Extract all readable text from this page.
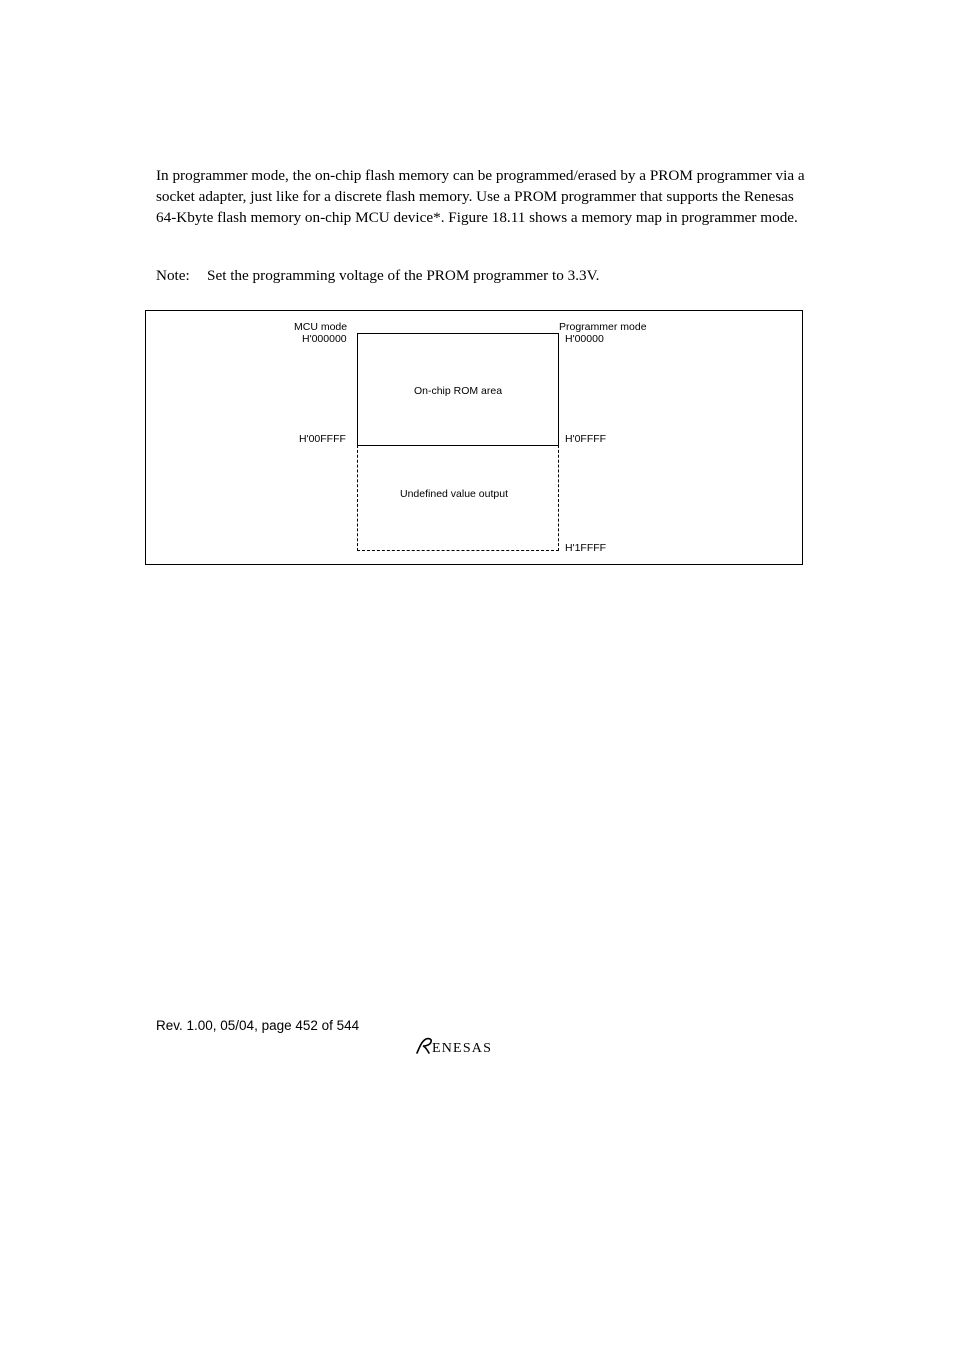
In programmer mode, the on-chip flash memory can be programmed/erased by a PROM programmer via a socket adapter, just like for a discrete flash memory. Use a PROM programmer that supports the Renesas 64-Kbyte flash memory on-chip MCU device*. Figure 18.11 shows a memory map in programmer mode.

Note: Set the programming voltage of the PROM programmer to 3.3V.
MCU mode
H'000000
H'00FFFF
Programmer mode
H'00000
H'0FFFF
H'1FFFF
On-chip ROM area
Undefined value output
Rev. 1.00, 05/04, page 452 of 544
ENESAS
